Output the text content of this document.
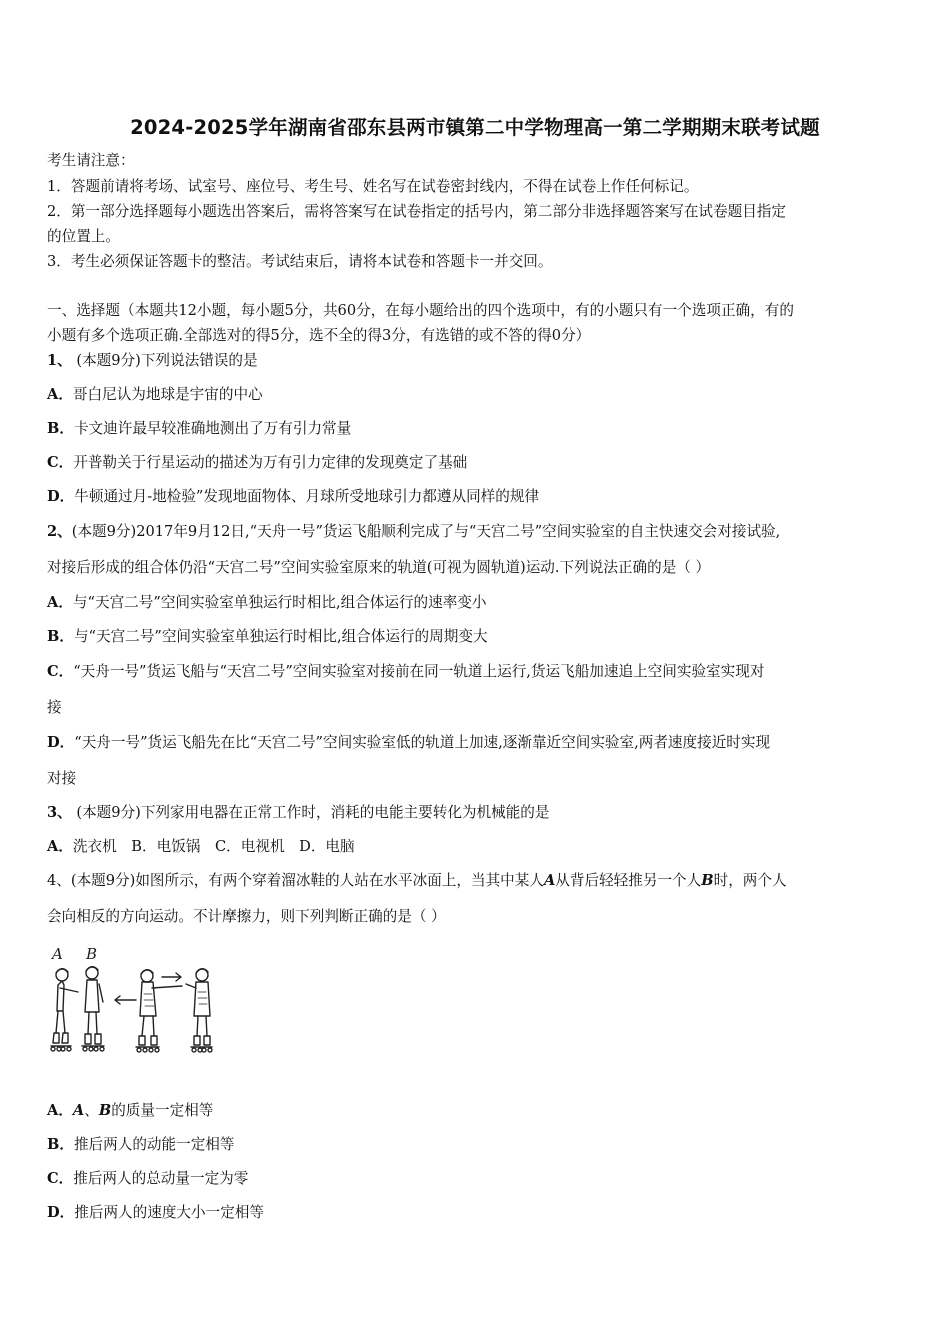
2024-2025学年湖南省邵东县两市镇第二中学物理高一第二学期期末联考试题
考生请注意：
1．答题前请将考场、试室号、座位号、考生号、姓名写在试卷密封线内，不得在试卷上作任何标记。
2．第一部分选择题每小题选出答案后，需将答案写在试卷指定的括号内，第二部分非选择题答案写在试卷题目指定
的位置上。
3．考生必须保证答题卡的整洁。考试结束后，请将本试卷和答题卡一并交回。
一、选择题（本题共12小题，每小题5分，共60分，在每小题给出的四个选项中，有的小题只有一个选项正确，有的
小题有多个选项正确.全部选对的得5分，选不全的得3分，有选错的或不答的得0分）
1、 (本题9分)下列说法错误的是
A．哥白尼认为地球是宇宙的中心
B．卡文迪许最早较准确地测出了万有引力常量
C．开普勒关于行星运动的描述为万有引力定律的发现奠定了基础
D．牛顿通过月-地检验”发现地面物体、月球所受地球引力都遵从同样的规律
2、(本题9分)2017年9月12日,“天舟一号”货运飞船顺利完成了与“天宫二号”空间实验室的自主快速交会对接试验,
对接后形成的组合体仍沿“天宫二号”空间实验室原来的轨道(可视为圆轨道)运动.下列说法正确的是（ ）
A．与“天宫二号”空间实验室单独运行时相比,组合体运行的速率变小
B．与“天宫二号”空间实验室单独运行时相比,组合体运行的周期变大
C．“天舟一号”货运飞船与“天宫二号”空间实验室对接前在同一轨道上运行,货运飞船加速追上空间实验室实现对
接
D．“天舟一号”货运飞船先在比“天宫二号”空间实验室低的轨道上加速,逐渐靠近空间实验室,两者速度接近时实现
对接
3、 (本题9分)下列家用电器在正常工作时，消耗的电能主要转化为机械能的是
A．洗衣机　B．电饭锅　C．电视机　D．电脑
4、(本题9分)如图所示，有两个穿着溜冰鞋的人站在水平冰面上，当其中某人A从背后轻轻推另一个人B时，两个人
会向相反的方向运动。不计摩擦力，则下列判断正确的是（ ）
A B
A．A、B的质量一定相等
B．推后两人的动能一定相等
C．推后两人的总动量一定为零
D．推后两人的速度大小一定相等
